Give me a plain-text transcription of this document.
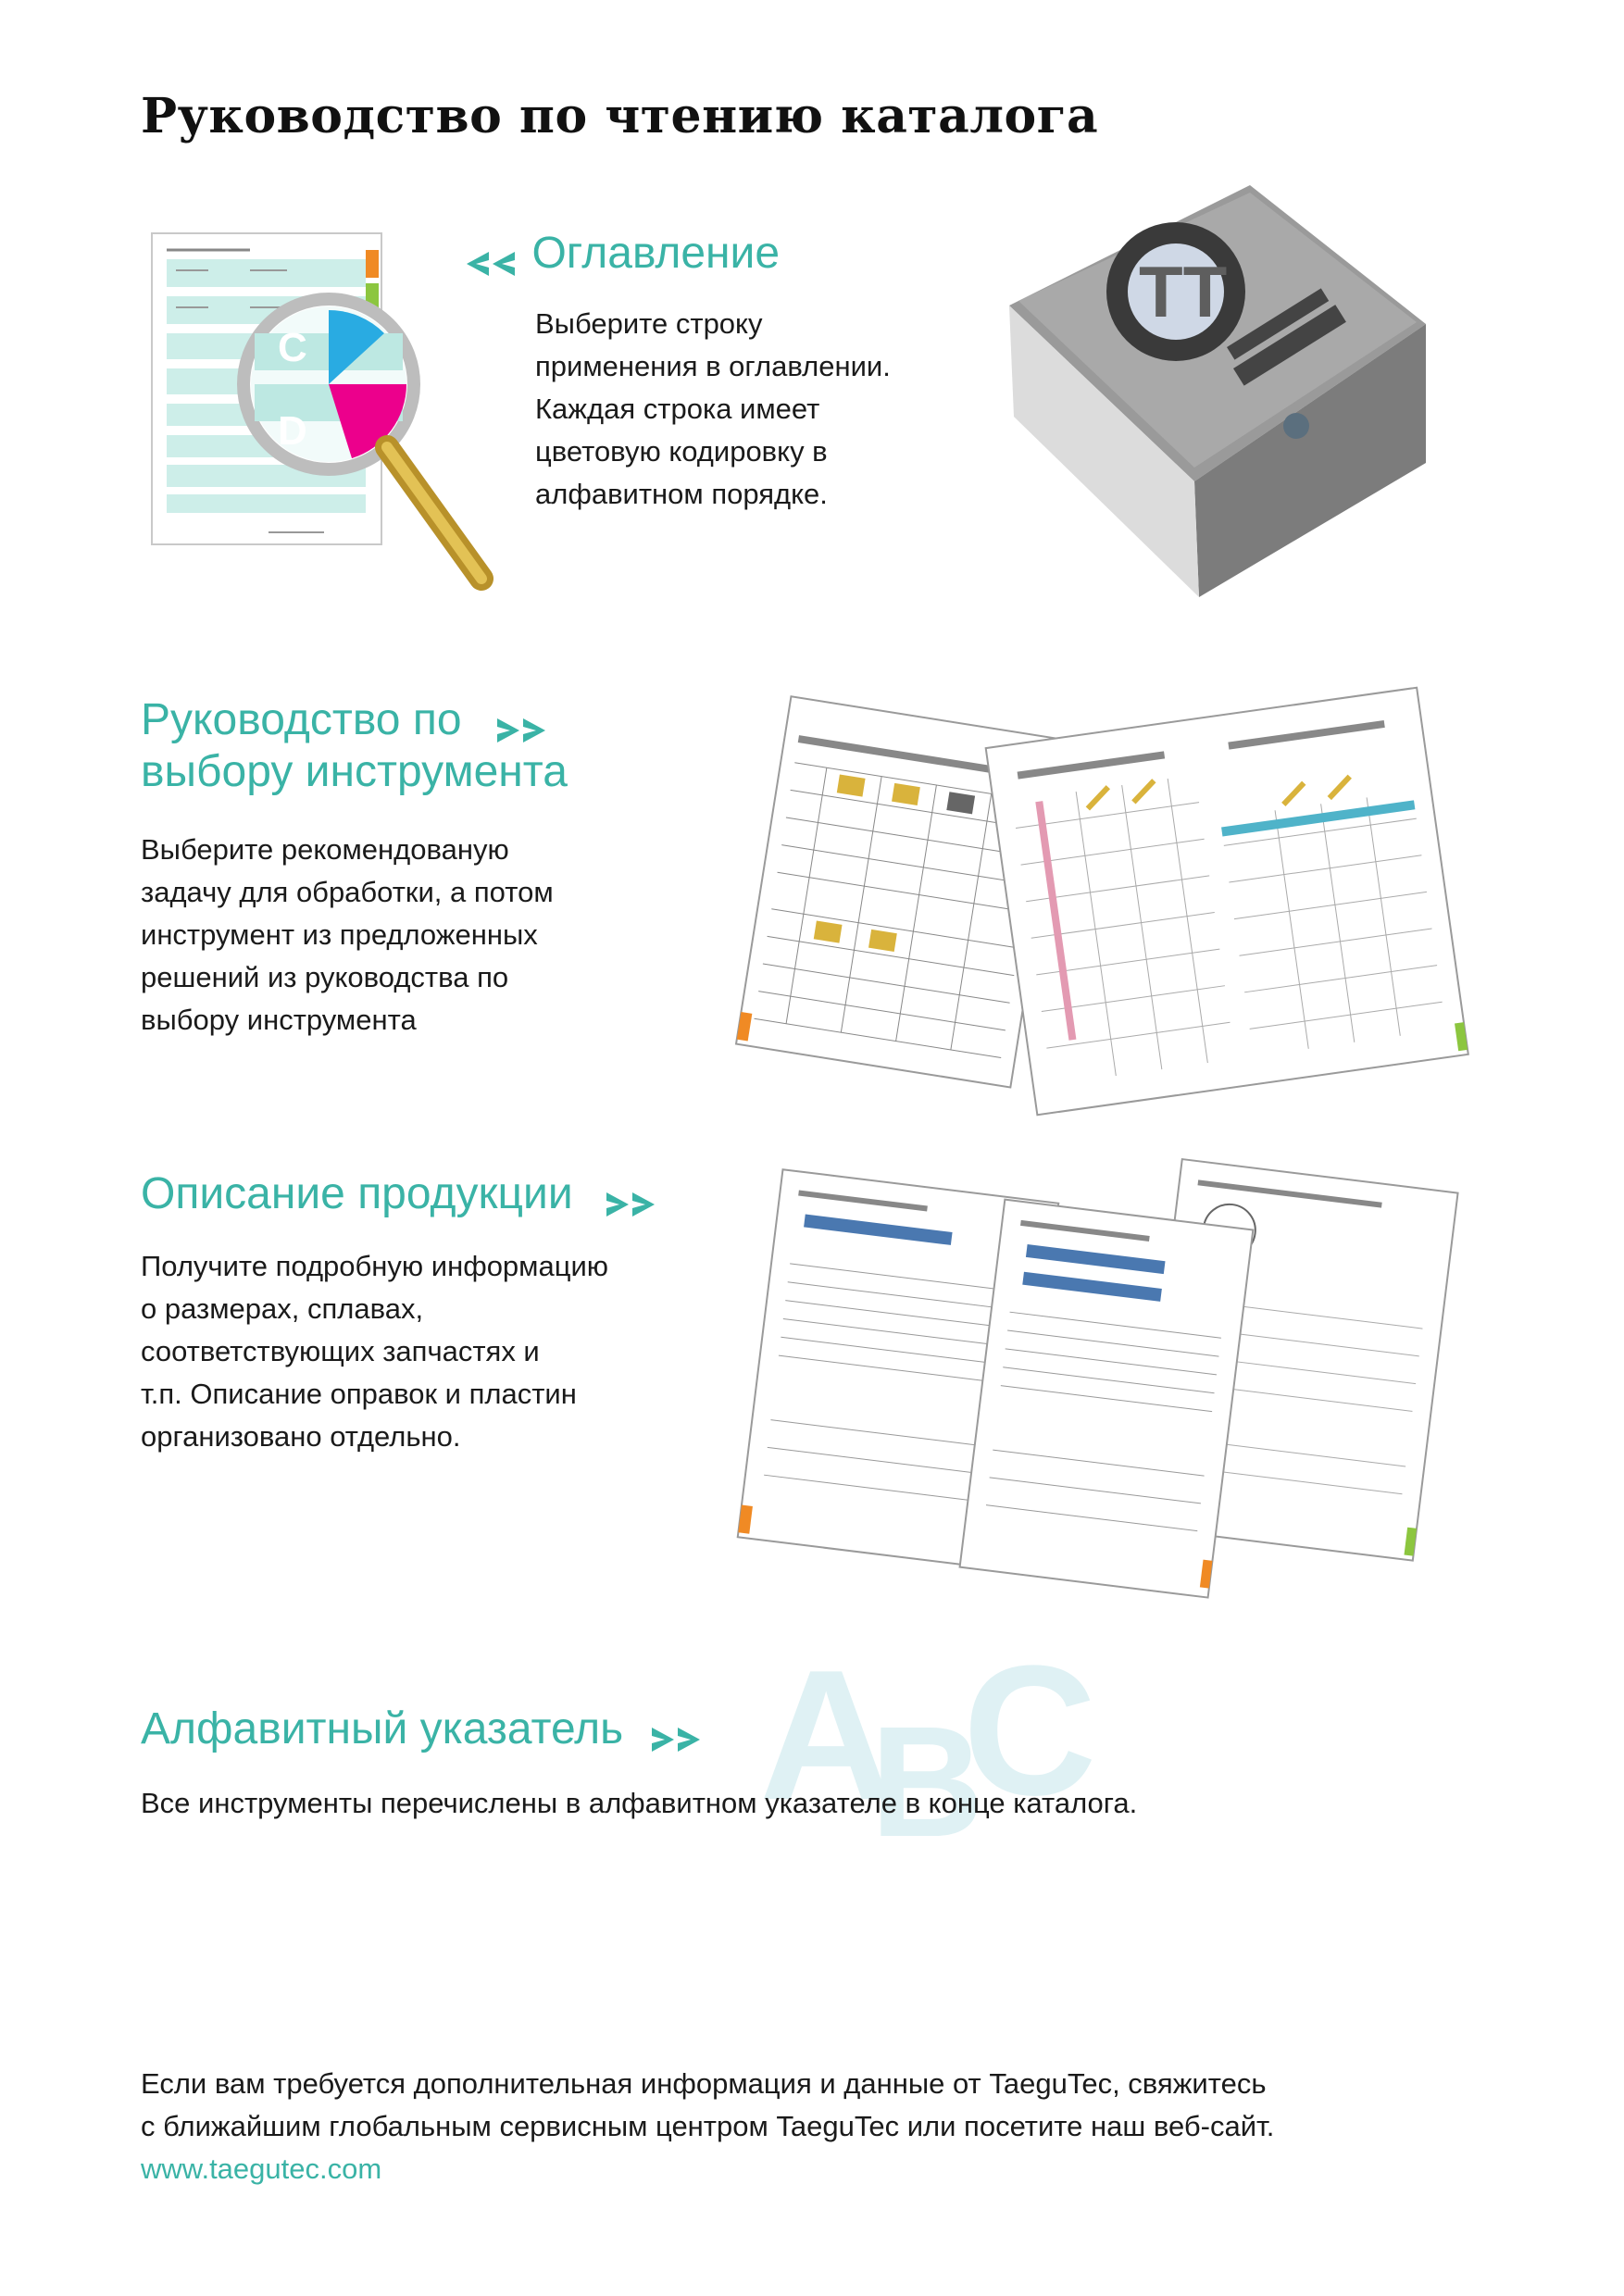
Руководство по чтению каталога
C
D
Оглавление
Выберите строку
применения в оглавлении.
Каждая строка имеет
цветовую кодировку в
алфавитном порядке.
TT
Руководство по
выбору инструмента
Выберите рекомендованую
задачу для обработки, а потом
инструмент из предложенных
решений из руководства по
выбору инструмента
Описание продукции
Получите подробную информацию
о размерах, сплавах,
соответствующих запчастях и
т.п. Описание оправок и пластин
организовано отдельно.
A
B
C
Алфавитный указатель
Все инструменты перечислены в алфавитном указателе в конце каталога.
Если вам требуется дополнительная информация и данные от TaeguTec, свяжитесь
с ближайшим глобальным сервисным центром TaeguTec или посетите наш веб-сайт.
www.taegutec.com
